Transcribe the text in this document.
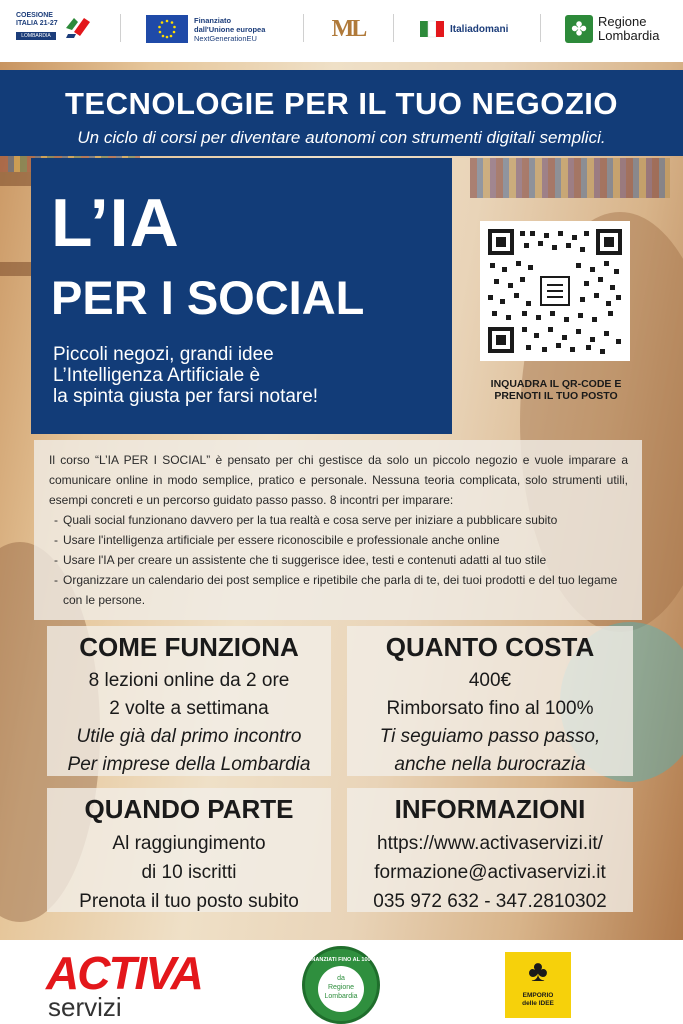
COESIONE
ITALIA 21-27
LOMBARDIA
Finanziato
dall'Unione europea
NextGenerationEU	ML	Italiadomani	✤ Regione
Lombardia
TECNOLOGIE PER IL TUO NEGOZIO
Un ciclo di corsi per diventare autonomi con strumenti digitali semplici.
L’IA
PER I SOCIAL
Piccoli negozi, grandi idee
L’Intelligenza Artificiale è
la spinta giusta per farsi notare!
INQUADRA IL QR-CODE E PRENOTI IL TUO POSTO

Il corso “L’IA PER I SOCIAL” è pensato per chi gestisce da solo un piccolo negozio e vuole imparare a comunicare online in modo semplice, pratico e personale. Nessuna teoria complicata, solo strumenti utili, esempi concreti e un percorso guidato passo passo. 8 incontri per imparare:

- Quali social funzionano davvero per la tua realtà e cosa serve per iniziare a pubblicare subito
- Usare l'intelligenza artificiale per essere riconoscibile e professionale anche online
- Usare l'IA per creare un assistente che ti suggerisce idee, testi e contenuti adatti al tuo stile
- Organizzare un calendario dei post semplice e ripetibile che parla di te, dei tuoi prodotti e del tuo legame con le persone.
COME FUNZIONA
8 lezioni online da 2 ore
2 volte a settimana
Utile già dal primo incontro
Per imprese della Lombardia
QUANTO COSTA
400€
Rimborsato fino al 100%
Ti seguiamo passo passo,
anche nella burocrazia
QUANDO PARTE
Al raggiungimento
di 10 iscritti
Prenota il tuo posto subito
INFORMAZIONI
https://www.activaservizi.it/
formazione@activaservizi.it
035 972 632 - 347.2810302
ACTIVA
servizi
FINANZIATI FINO AL 100%
da
Regione
Lombardia
♣
EMPORIO
delle IDEE
